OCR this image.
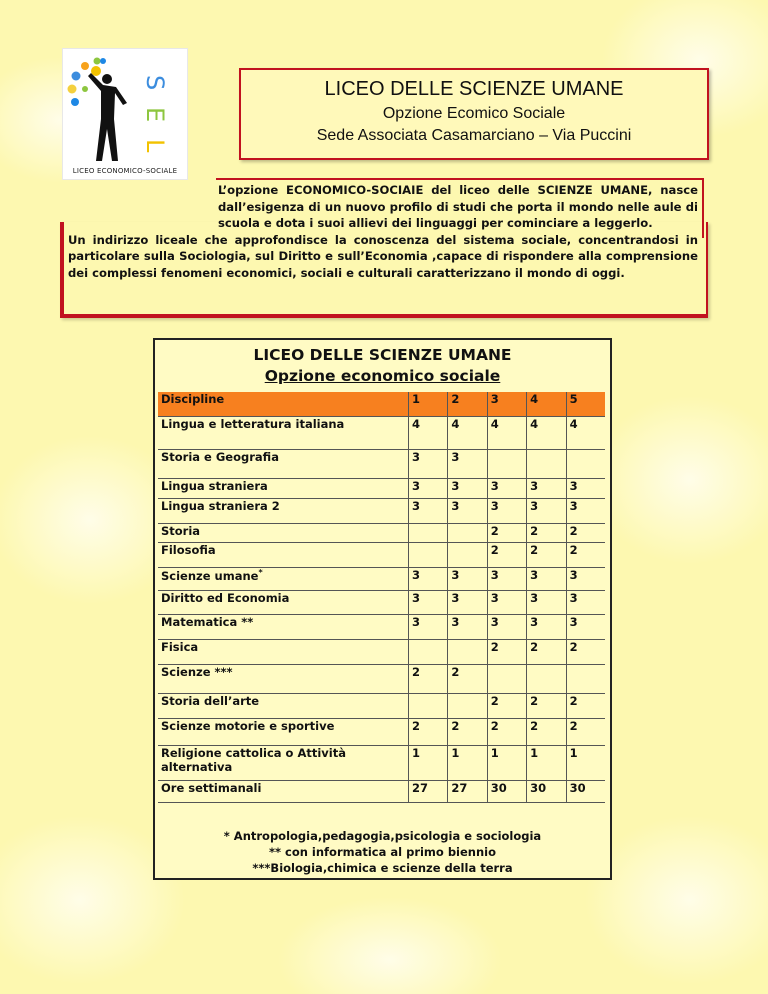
S
E
L
LICEO ECONOMICO-SOCIALE
LICEO DELLE SCIENZE UMANE
Opzione Ecomico Sociale
Sede Associata Casamarciano – Via Puccini
L’opzione ECONOMICO-SOCIAIE del liceo delle SCIENZE UMANE, nasce dall’esigenza di un nuovo profilo di studi che porta il mondo nelle aule di scuola e dota i suoi allievi dei linguaggi per cominciare a leggerlo.
Un indirizzo liceale che approfondisce la conoscenza del sistema sociale, concentrandosi in particolare sulla Sociologia, sul Diritto e sull’Economia ,capace di rispondere alla comprensione dei complessi fenomeni economici, sociali e culturali caratterizzano il mondo di oggi.
LICEO DELLE SCIENZE UMANE
Opzione economico sociale
Discipline	1	2	3	4	5
Lingua e letteratura italiana	4	4	4	4	4
Storia e Geografia	3	3			
Lingua straniera	3	3	3	3	3
Lingua straniera 2	3	3	3	3	3
Storia			2	2	2
Filosofia			2	2	2
Scienze umane*	3	3	3	3	3
Diritto ed Economia	3	3	3	3	3
Matematica **	3	3	3	3	3
Fisica			2	2	2
Scienze ***	2	2			
Storia dell’arte			2	2	2
Scienze motorie e sportive	2	2	2	2	2
Religione cattolica o Attività alternativa	1	1	1	1	1
Ore settimanali	27	27	30	30	30
* Antropologia,pedagogia,psicologia e sociologia
** con informatica al primo biennio
***Biologia,chimica e scienze della terra
